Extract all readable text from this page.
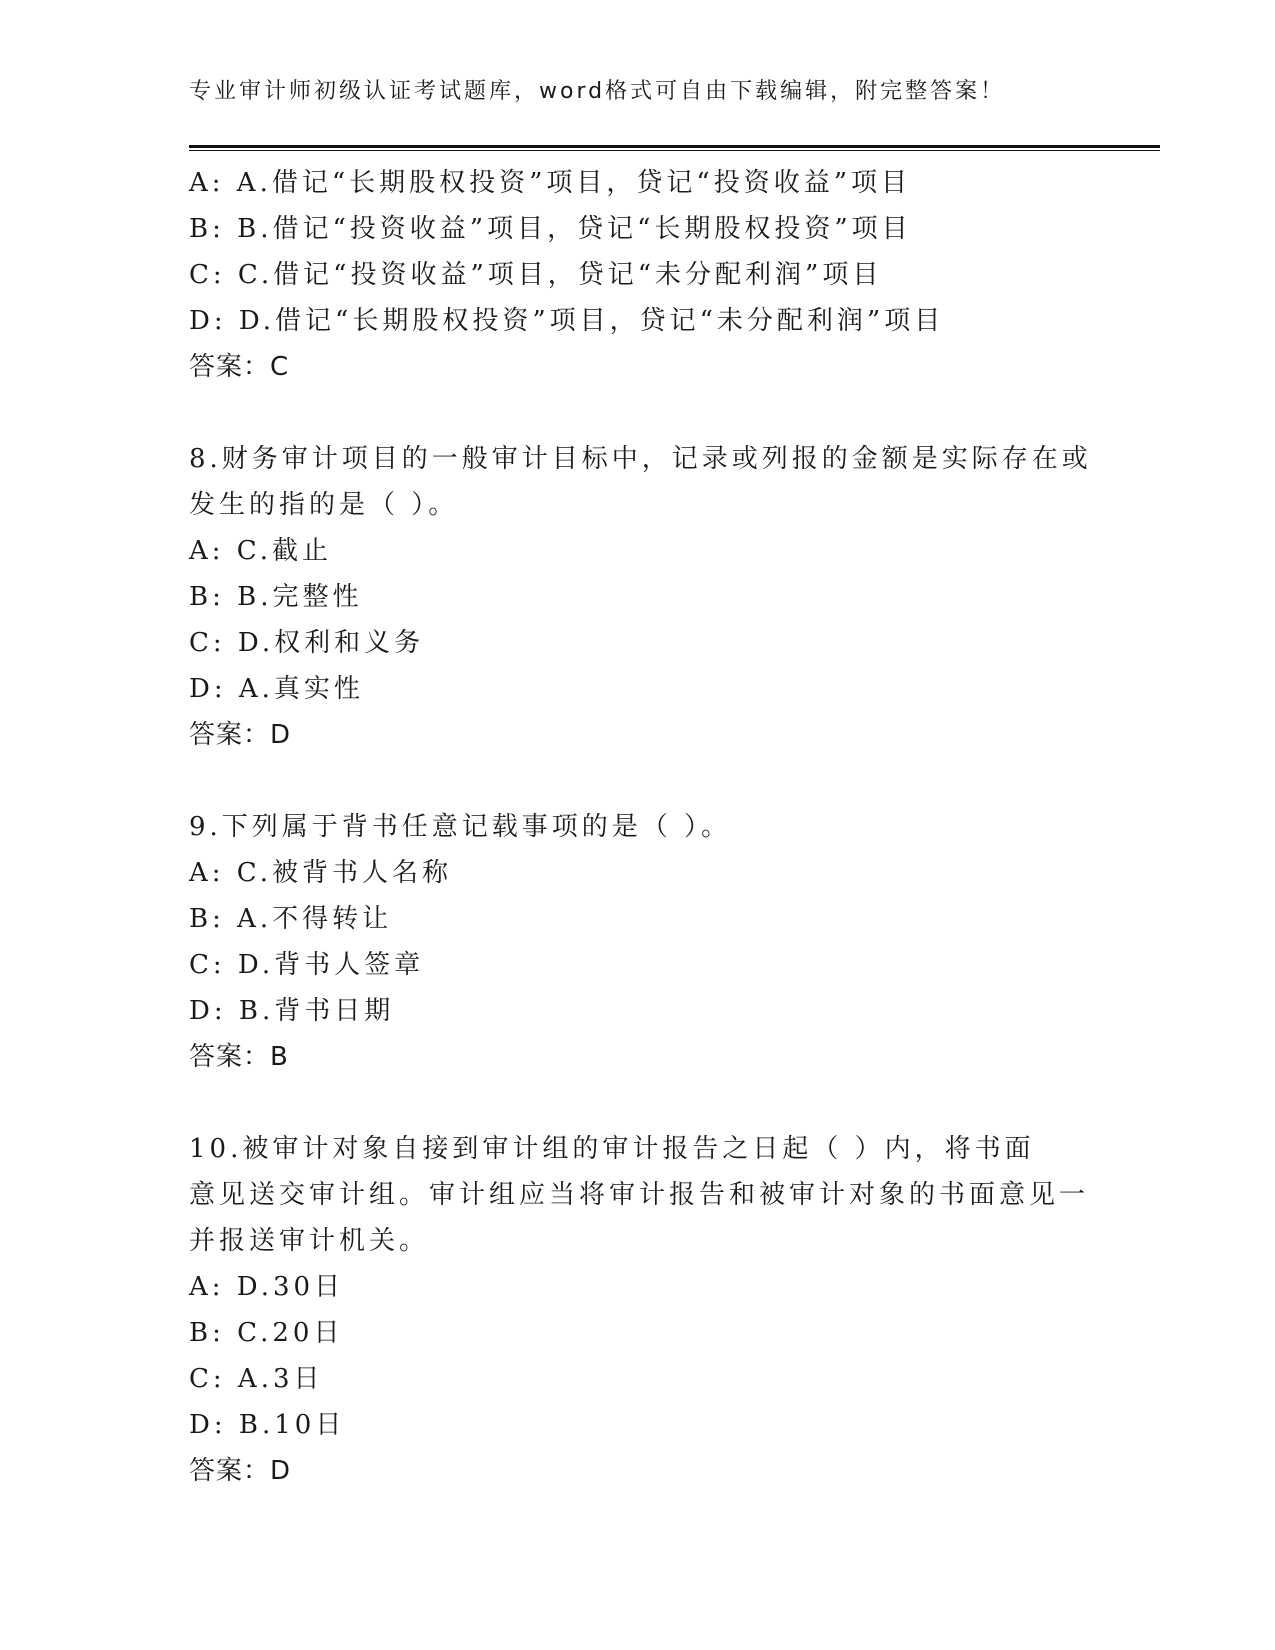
专业审计师初级认证考试题库，word格式可自由下载编辑，附完整答案！
A: A.借记“长期股权投资”项目，贷记“投资收益”项目
B: B.借记“投资收益”项目，贷记“长期股权投资”项目
C: C.借记“投资收益”项目，贷记“未分配利润”项目
D: D.借记“长期股权投资”项目，贷记“未分配利润”项目
答案：C
8.财务审计项目的一般审计目标中，记录或列报的金额是实际存在或
发生的指的是（ ）。
A: C.截止
B: B.完整性
C: D.权利和义务
D: A.真实性
答案：D
9.下列属于背书任意记载事项的是（ ）。
A: C.被背书人名称
B: A.不得转让
C: D.背书人签章
D: B.背书日期
答案：B
10.被审计对象自接到审计组的审计报告之日起（ ）内，将书面
意见送交审计组。审计组应当将审计报告和被审计对象的书面意见一
并报送审计机关。
A: D.30日
B: C.20日
C: A.3日
D: B.10日
答案：D
